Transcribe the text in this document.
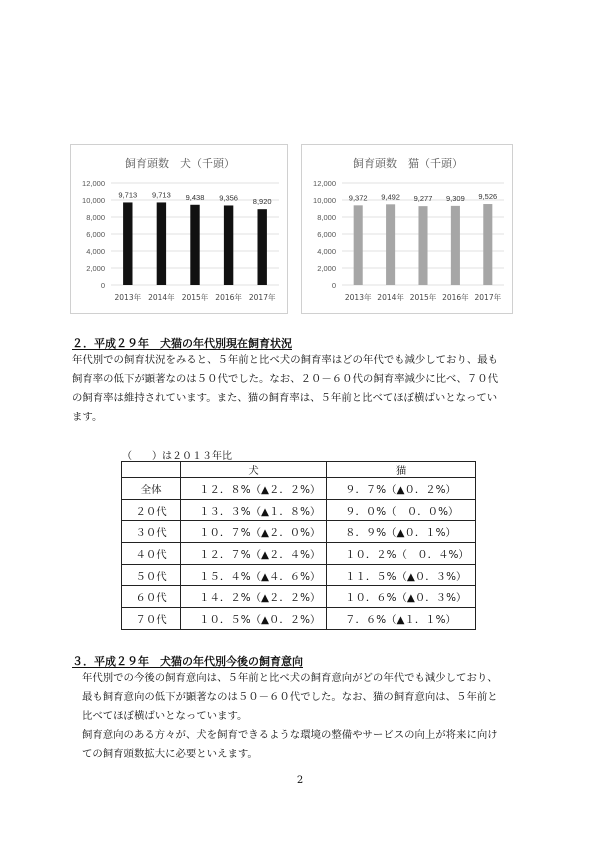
飼育頭数　犬（千頭）
0
2,000
4,000
6,000
8,000
10,000
12,000
9,713
2013年
9,713
2014年
9,438
2015年
9,356
2016年
8,920
2017年
飼育頭数　猫（千頭）
0
2,000
4,000
6,000
8,000
10,000
12,000
9,372
2013年
9,492
2014年
9,277
2015年
9,309
2016年
9,526
2017年
２．平成２９年　犬猫の年代別現在飼育状況

年代別での飼育状況をみると、５年前と比べ犬の飼育率はどの年代でも減少しており、最も

飼育率の低下が顕著なのは５０代でした。なお、２０－６０代の飼育率減少に比べ、７０代

の飼育率は維持されています。また、猫の飼育率は、５年前と比べてほぼ横ばいとなってい

ます。

（　　）は２０１３年比
	犬	猫
全体	１２．８%（▲２．２%）	９．７%（▲０．２%）
２０代	１３．３%（▲１．８%）	９．０%（　０．０%）
３０代	１０．７%（▲２．０%）	８．９%（▲０．１%）
４０代	１２．７%（▲２．４%）	１０．２%（　０．４%）
５０代	１５．４%（▲４．６%）	１１．５%（▲０．３%）
６０代	１４．２%（▲２．２%）	１０．６%（▲０．３%）
７０代	１０．５%（▲０．２%）	７．６%（▲１．１%）
３．平成２９年　犬猫の年代別今後の飼育意向

年代別での今後の飼育意向は、５年前と比べ犬の飼育意向がどの年代でも減少しており、

最も飼育意向の低下が顕著なのは５０－６０代でした。なお、猫の飼育意向は、５年前と

比べてほぼ横ばいとなっています。

飼育意向のある方々が、犬を飼育できるような環境の整備やサービスの向上が将来に向け

ての飼育頭数拡大に必要といえます。

2
